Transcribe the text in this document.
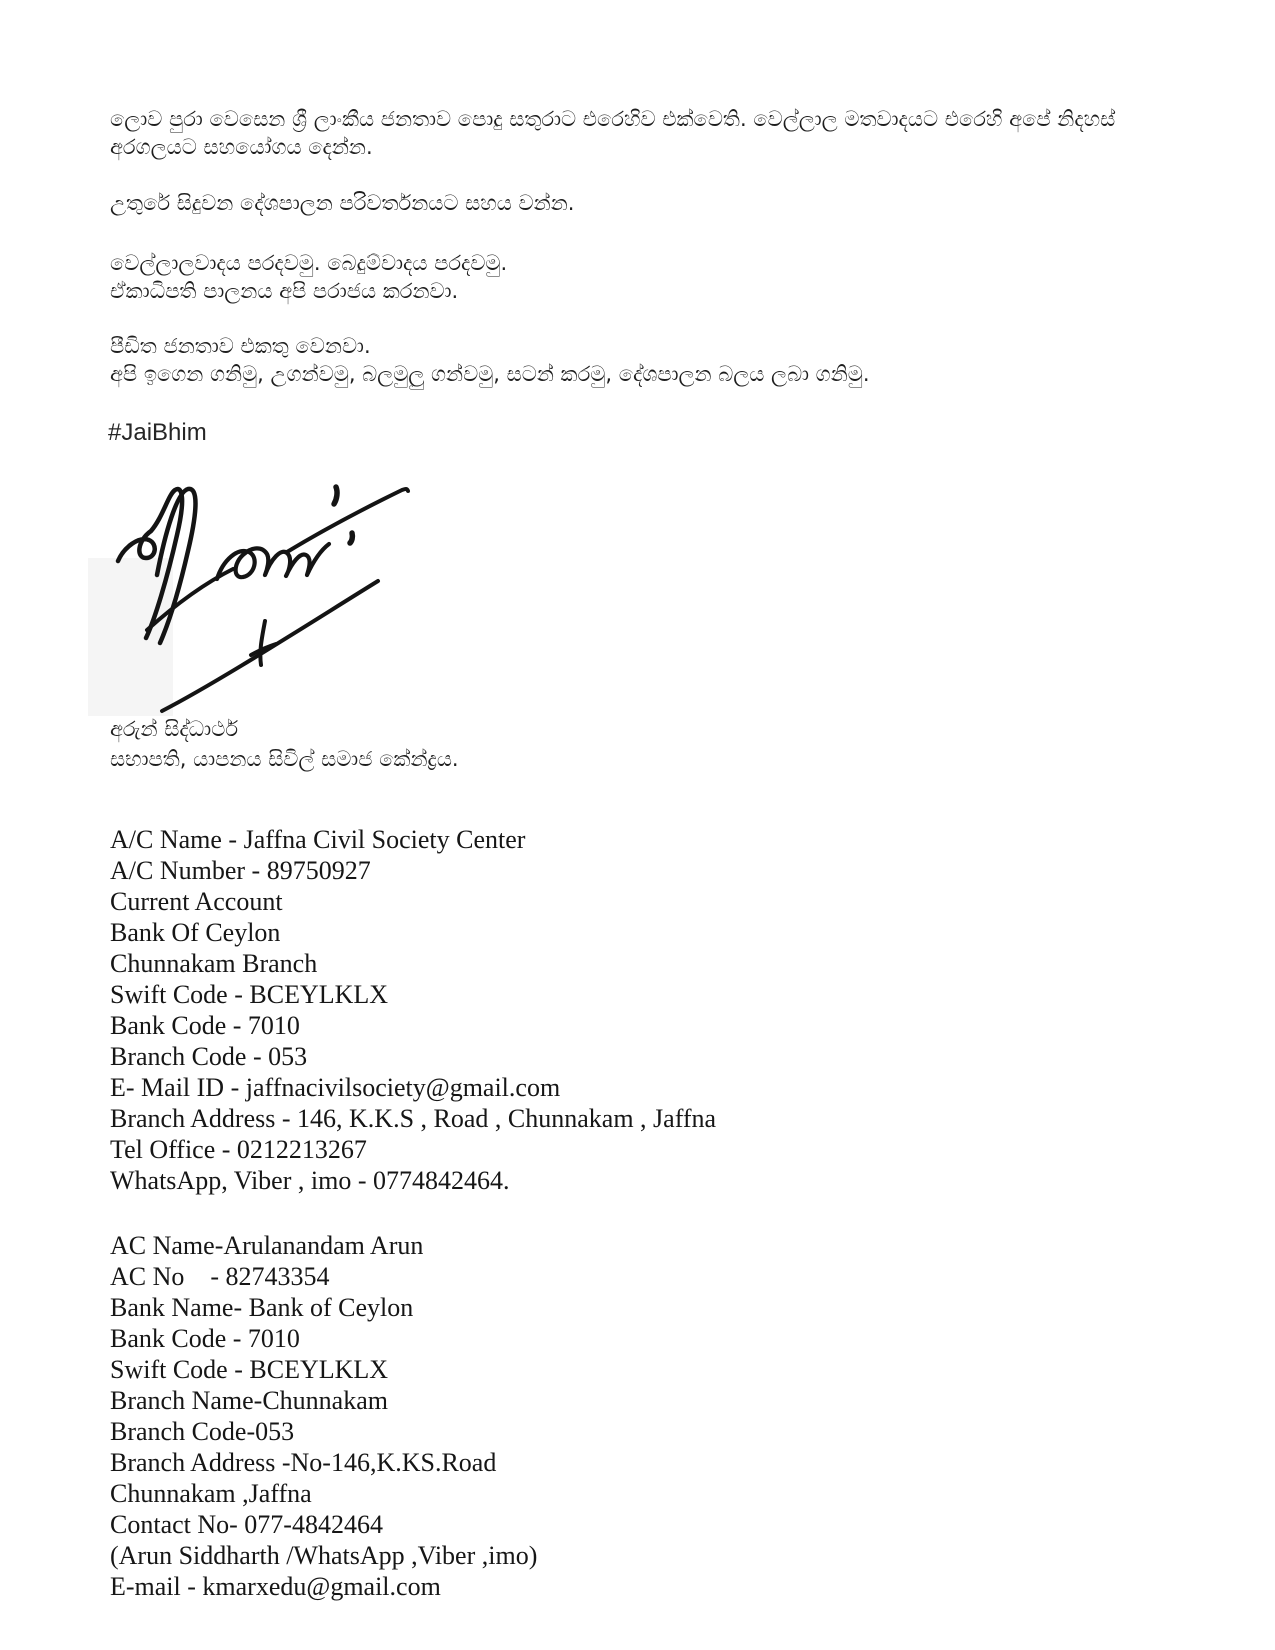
ලොව පුරා වෙසෙන ශ්‍රී ලාංකීය ජනතාව පොදු සතුරාට එරෙහිව එක්වෙති. වෙල්ලාල මතවාදයට එරෙහි අපේ නිදහස්
අරගලයට සහයෝගය දෙන්න.
උතුරේ සිදුවන දේශපාලන පරිවර්තනයට සහය වන්න.
වෙල්ලාලවාදය පරදවමු. බෙදුම්වාදය පරදවමු.
ඒකාධිපති පාලනය අපි පරාජය කරනවා.
පීඩිත ජනතාව එකතු වෙනවා.
අපි ඉගෙන ගනිමු, උගන්වමු, බලමුලු ගන්වමු, සටන් කරමු, දේශපාලන බලය ලබා ගනිමු.
#JaiBhim
අරුන් සිද්ධාර්ථ
සභාපති, යාපනය සිවිල් සමාජ කේන්ද්‍රය.
A/C Name - Jaffna Civil Society Center
A/C Number - 89750927
Current Account
Bank Of Ceylon
Chunnakam Branch
Swift Code - BCEYLKLX
Bank Code - 7010
Branch Code - 053
E- Mail ID - jaffnacivilsociety@gmail.com
Branch Address - 146, K.K.S , Road , Chunnakam , Jaffna
Tel Office - 0212213267
WhatsApp, Viber , imo - 0774842464.
AC Name-Arulanandam Arun
AC No    - 82743354
Bank Name- Bank of Ceylon
Bank Code - 7010
Swift Code - BCEYLKLX
Branch Name-Chunnakam
Branch Code-053
Branch Address -No-146,K.KS.Road
Chunnakam ,Jaffna
Contact No- 077-4842464
(Arun Siddharth /WhatsApp ,Viber ,imo)
E-mail - kmarxedu@gmail.com
